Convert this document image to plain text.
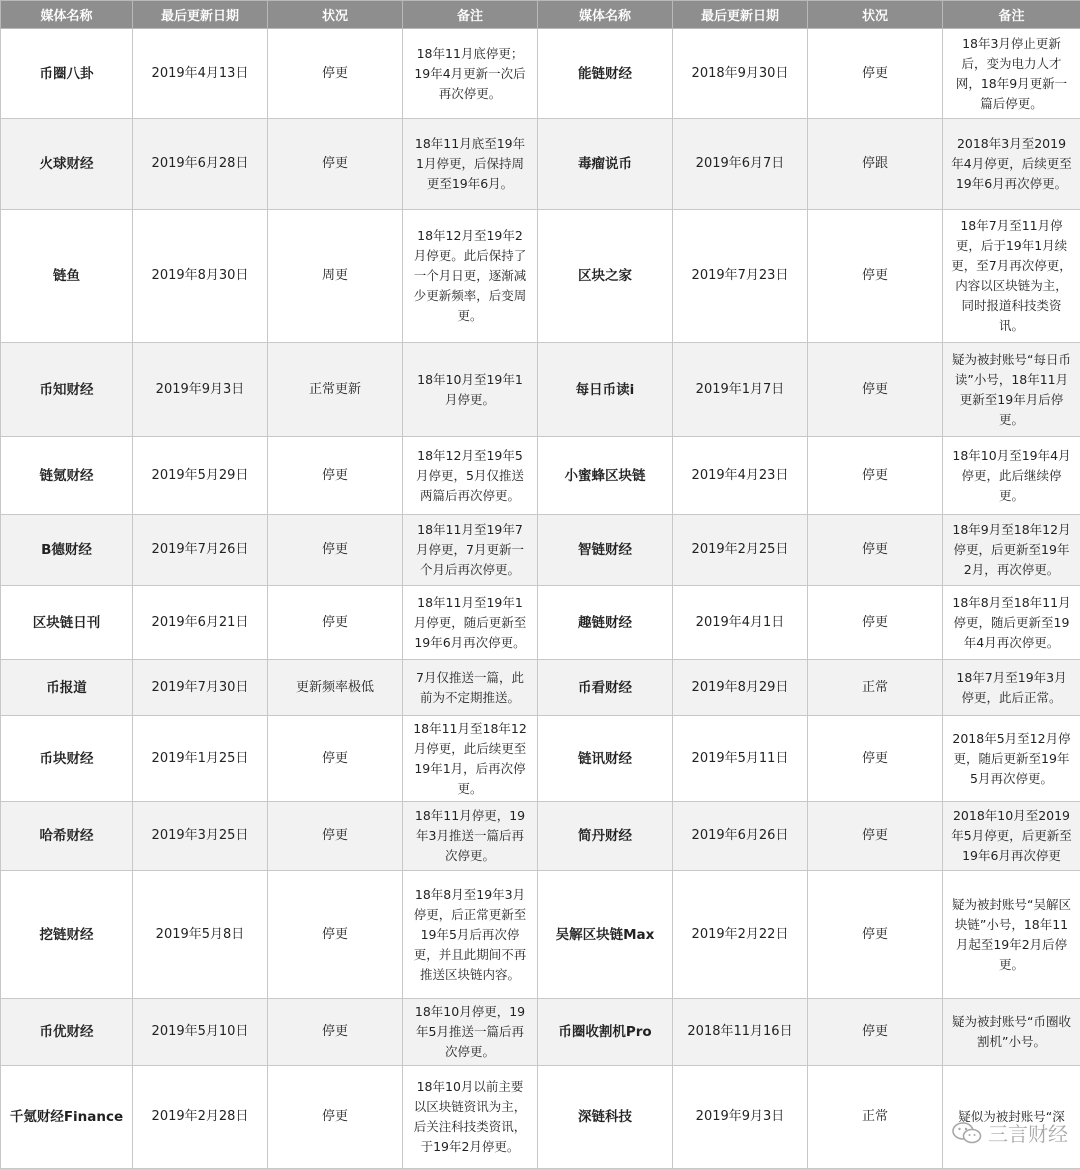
媒体名称	最后更新日期	状况	备注	媒体名称	最后更新日期	状况	备注
币圈八卦	2019年4月13日	停更	18年11月底停更；19年4月更新一次后再次停更。	能链财经	2018年9月30日	停更	18年3月停止更新后，变为电力人才网，18年9月更新一篇后停更。
火球财经	2019年6月28日	停更	18年11月底至19年1月停更，后保持周更至19年6月。	毒瘤说币	2019年6月7日	停跟	2018年3月至2019年4月停更，后续更至19年6月再次停更。
链鱼	2019年8月30日	周更	18年12月至19年2月停更。此后保持了一个月日更，逐渐减少更新频率，后变周更。	区块之家	2019年7月23日	停更	18年7月至11月停更，后于19年1月续更，至7月再次停更，内容以区块链为主，同时报道科技类资讯。
币知财经	2019年9月3日	正常更新	18年10月至19年1月停更。	每日币读i	2019年1月7日	停更	疑为被封账号“每日币读”小号，18年11月更新至19年月后停更。
链氪财经	2019年5月29日	停更	18年12月至19年5月停更，5月仅推送两篇后再次停更。	小蜜蜂区块链	2019年4月23日	停更	18年10月至19年4月停更，此后继续停更。
B德财经	2019年7月26日	停更	18年11月至19年7月停更，7月更新一个月后再次停更。	智链财经	2019年2月25日	停更	18年9月至18年12月停更，后更新至19年2月，再次停更。
区块链日刊	2019年6月21日	停更	18年11月至19年1月停更，随后更新至19年6月再次停更。	趣链财经	2019年4月1日	停更	18年8月至18年11月停更，随后更新至19年4月再次停更。
币报道	2019年7月30日	更新频率极低	7月仅推送一篇，此前为不定期推送。	币看财经	2019年8月29日	正常	18年7月至19年3月停更，此后正常。
币块财经	2019年1月25日	停更	18年11月至18年12月停更，此后续更至19年1月，后再次停更。	链讯财经	2019年5月11日	停更	2018年5月至12月停更，随后更新至19年5月再次停更。
哈希财经	2019年3月25日	停更	18年11月停更，19年3月推送一篇后再次停更。	简丹财经	2019年6月26日	停更	2018年10月至2019年5月停更，后更新至19年6月再次停更
挖链财经	2019年5月8日	停更	18年8月至19年3月停更，后正常更新至19年5月后再次停更，并且此期间不再推送区块链内容。	吴解区块链Max	2019年2月22日	停更	疑为被封账号“吴解区块链”小号，18年11月起至19年2月后停更。
币优财经	2019年5月10日	停更	18年10月停更，19年5月推送一篇后再次停更。	币圈收割机Pro	2018年11月16日	停更	疑为被封账号“币圈收割机”小号。
千氪财经Finance	2019年2月28日	停更	18年10月以前主要以区块链资讯为主，后关注科技类资讯，于19年2月停更。	深链科技	2019年9月3日	正常	疑似为被封账号“深
三言财经
